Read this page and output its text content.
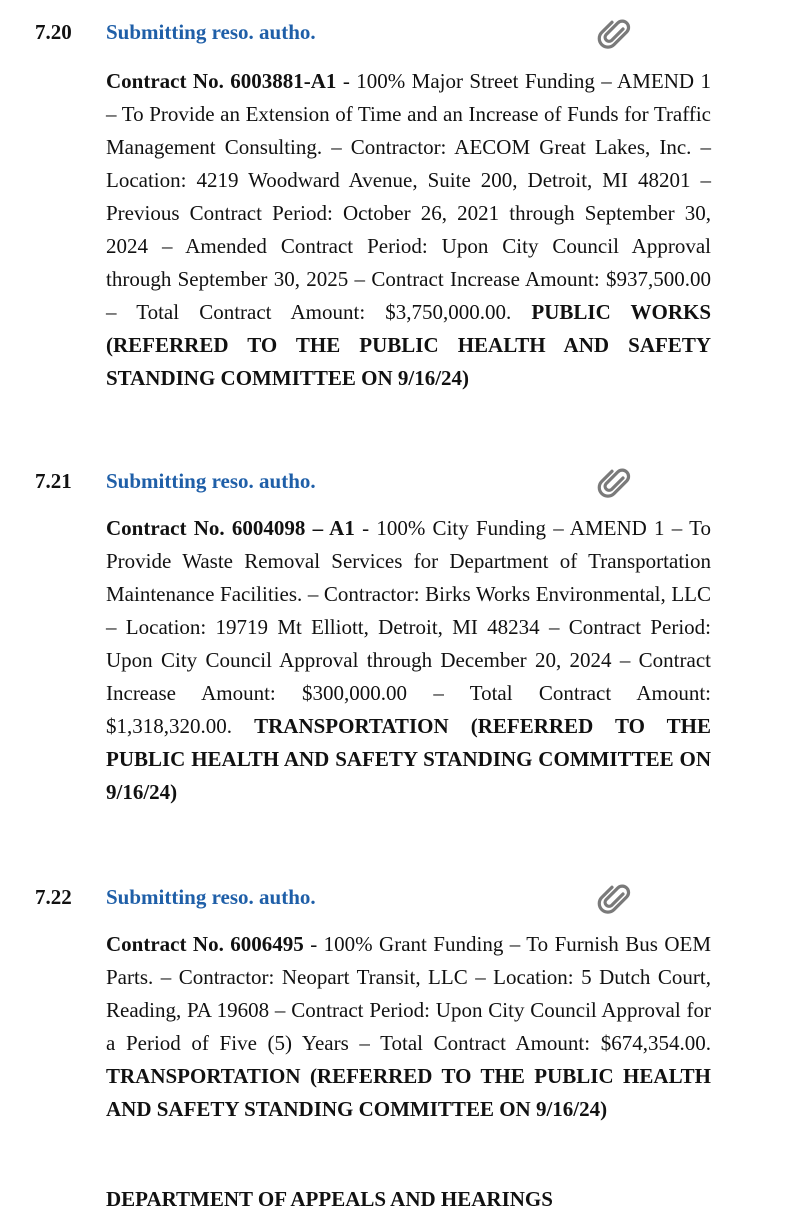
7.20 Submitting reso. autho.
Contract No. 6003881-A1 - 100% Major Street Funding – AMEND 1 – To Provide an Extension of Time and an Increase of Funds for Traffic Management Consulting. – Contractor: AECOM Great Lakes, Inc. – Location: 4219 Woodward Avenue, Suite 200, Detroit, MI 48201 – Previous Contract Period: October 26, 2021 through September 30, 2024 – Amended Contract Period: Upon City Council Approval through September 30, 2025 – Contract Increase Amount: $937,500.00 – Total Contract Amount: $3,750,000.00. PUBLIC WORKS (REFERRED TO THE PUBLIC HEALTH AND SAFETY STANDING COMMITTEE ON 9/16/24)
7.21 Submitting reso. autho.
Contract No. 6004098 – A1 - 100% City Funding – AMEND 1 – To Provide Waste Removal Services for Department of Transportation Maintenance Facilities. – Contractor: Birks Works Environmental, LLC – Location: 19719 Mt Elliott, Detroit, MI 48234 – Contract Period: Upon City Council Approval through December 20, 2024 – Contract Increase Amount: $300,000.00 – Total Contract Amount: $1,318,320.00. TRANSPORTATION (REFERRED TO THE PUBLIC HEALTH AND SAFETY STANDING COMMITTEE ON 9/16/24)
7.22 Submitting reso. autho.
Contract No. 6006495 - 100% Grant Funding – To Furnish Bus OEM Parts. – Contractor: Neopart Transit, LLC – Location: 5 Dutch Court, Reading, PA 19608 – Contract Period: Upon City Council Approval for a Period of Five (5) Years – Total Contract Amount: $674,354.00. TRANSPORTATION (REFERRED TO THE PUBLIC HEALTH AND SAFETY STANDING COMMITTEE ON 9/16/24)
DEPARTMENT OF APPEALS AND HEARINGS
